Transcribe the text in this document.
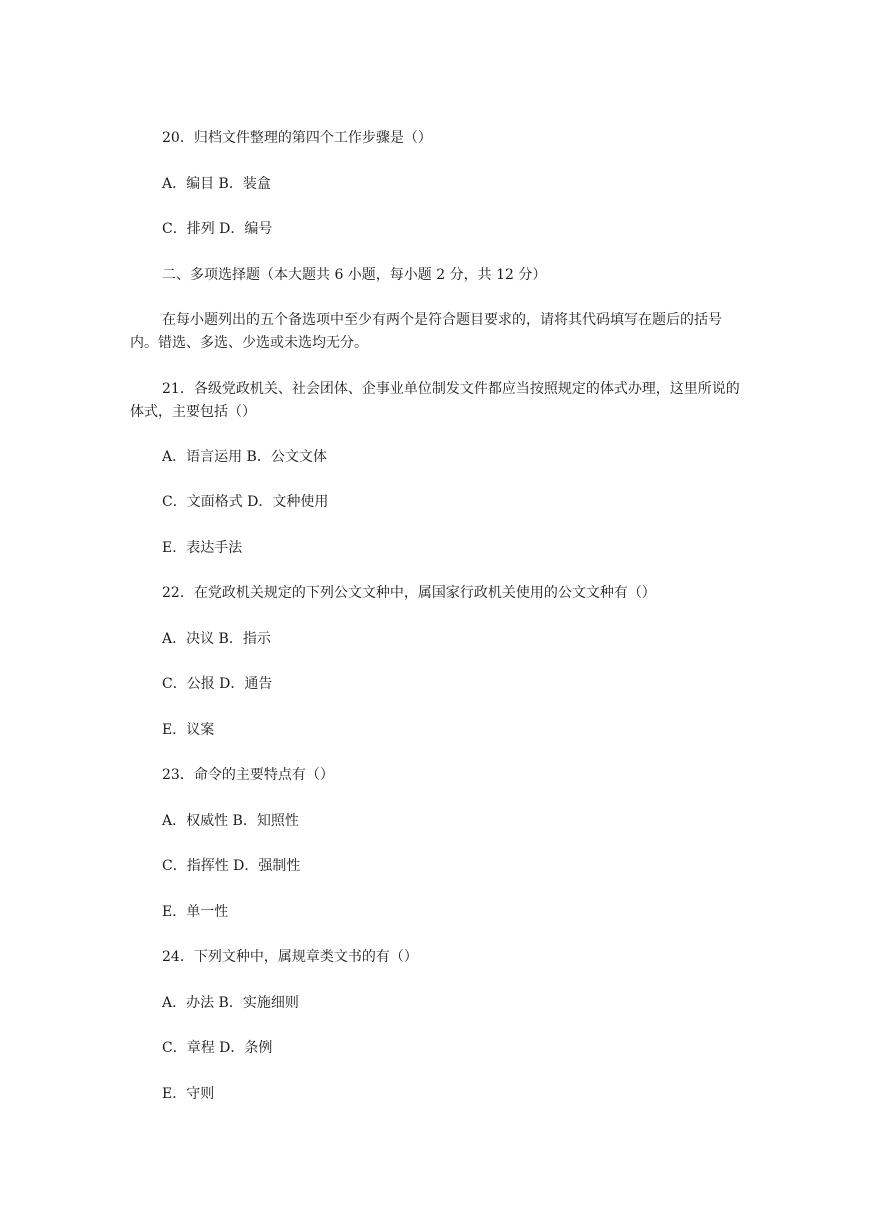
20．归档文件整理的第四个工作步骤是（）

A．编目 B．装盒

C．排列 D．编号

二、多项选择题（本大题共 6 小题，每小题 2 分，共 12 分）

在每小题列出的五个备选项中至少有两个是符合题目要求的，请将其代码填写在题后的括号内。错选、多选、少选或未选均无分。

21．各级党政机关、社会团体、企事业单位制发文件都应当按照规定的体式办理，这里所说的体式，主要包括（）

A．语言运用 B．公文文体

C．文面格式 D．文种使用

E．表达手法

22．在党政机关规定的下列公文文种中，属国家行政机关使用的公文文种有（）

A．决议 B．指示

C．公报 D．通告

E．议案

23．命令的主要特点有（）

A．权威性 B．知照性

C．指挥性 D．强制性

E．单一性

24．下列文种中，属规章类文书的有（）

A．办法 B．实施细则

C．章程 D．条例

E．守则
